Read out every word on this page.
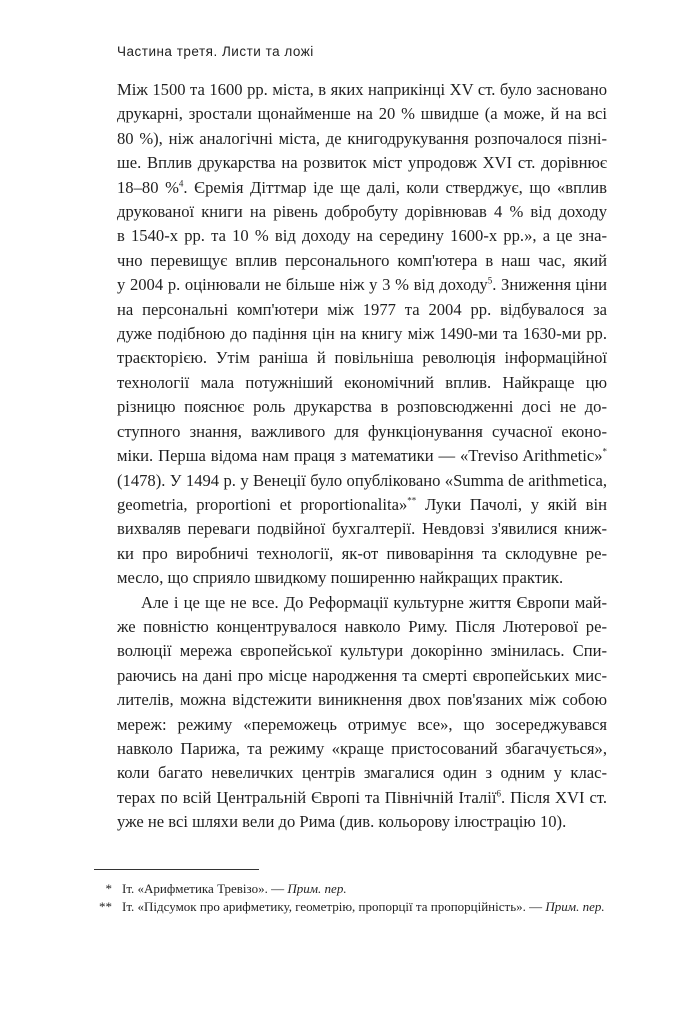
Частина третя. Листи та ложі
Між 1500 та 1600 рр. міста, в яких наприкінці XV ст. було засновано
друкарні, зростали щонайменше на 20 % швидше (а може, й на всі
80 %), ніж аналогічні міста, де книгодрукування розпочалося пізні-
ше. Вплив друкарства на розвиток міст упродовж XVI ст. дорівнює
18–80 %$^4$. Єремія Діттмар іде ще далі, коли стверджує, що «вплив
друкованої книги на рівень добробуту дорівнював 4 % від доходу
в 1540-х рр. та 10 % від доходу на середину 1600-х рр.», а це зна-
чно перевищує вплив персонального комп'ютера в наш час, який
у 2004 р. оцінювали не більше ніж у 3 % від доходу$^5$. Зниження ціни
на персональні комп'ютери між 1977 та 2004 рр. відбувалося за
дуже подібною до падіння цін на книгу між 1490-ми та 1630-ми рр.
траєкторією. Утім раніша й повільніша революція інформаційної
технології мала потужніший економічний вплив. Найкраще цю
різницю пояснює роль друкарства в розповсюдженні досі не до-
ступного знання, важливого для функціонування сучасної еконо-
міки. Перша відома нам праця з математики — «Treviso Arithmetic»*
(1478). У 1494 р. у Венеції було опубліковано «Summa de arithmetica,
geometria, proportioni et proportionalita»** Луки Пачолі, у якій він
вихваляв переваги подвійної бухгалтерії. Невдовзі з'явилися книж-
ки про виробничі технології, як-от пивоваріння та склодувне ре-
месло, що сприяло швидкому поширенню найкращих практик.
Але і це ще не все. До Реформації культурне життя Європи май-
же повністю концентрувалося навколо Риму. Після Лютерової ре-
волюції мережа європейської культури докорінно змінилась. Спи-
раючись на дані про місце народження та смерті європейських мис-
лителів, можна відстежити виникнення двох пов'язаних між собою
мереж: режиму «переможець отримує все», що зосереджувався
навколо Парижа, та режиму «краще пристосований збагачується»,
коли багато невеличких центрів змагалися один з одним у клас-
терах по всій Центральній Європі та Північній Італії$^6$. Після XVI ст.
уже не всі шляхи вели до Рима (див. кольорову ілюстрацію 10).
* Іт. «Арифметика Тревізо». — Прим. пер.
** Іт. «Підсумок про арифметику, геометрію, пропорції та пропорційність». — Прим. пер.
